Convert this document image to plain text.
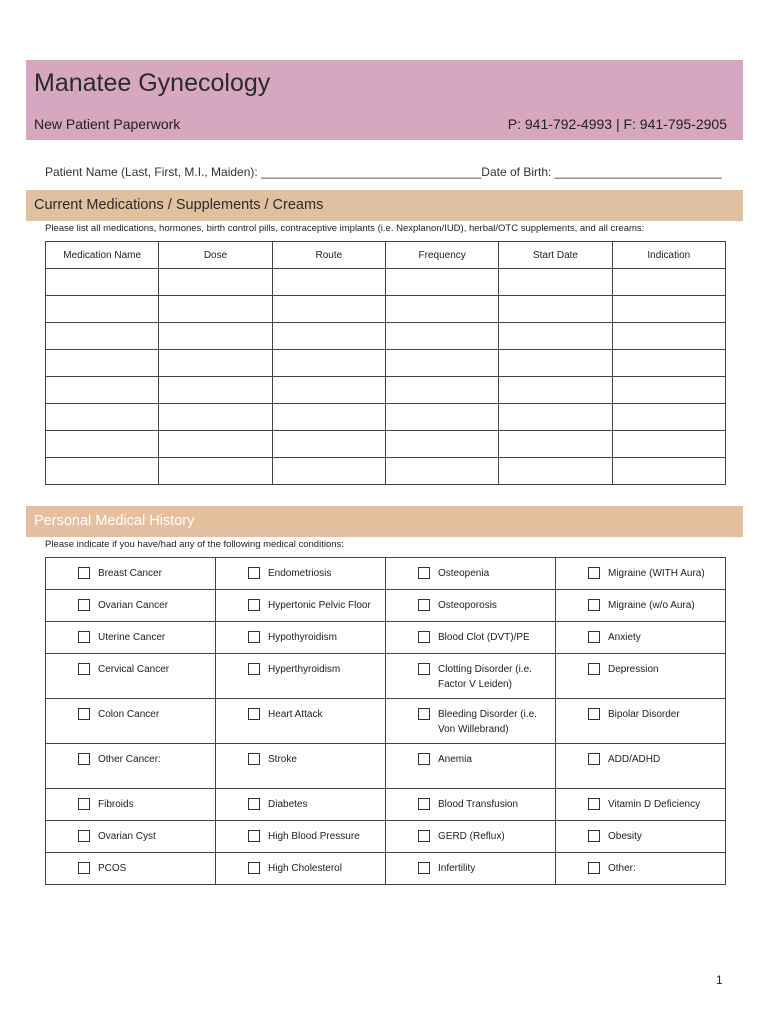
Manatee Gynecology
New Patient Paperwork	P: 941-792-4993 | F: 941-795-2905
Patient Name (Last, First, M.I., Maiden): _________________________________Date of Birth: _________________________
Current Medications / Supplements / Creams
Please list all medications, hormones, birth control pills, contraceptive implants (i.e. Nexplanon/IUD), herbal/OTC supplements, and all creams:
Medication Name	Dose	Route	Frequency	Start Date	Indication

Personal Medical History
Please indicate if you have/had any of the following medical conditions:
Breast Cancer	Endometriosis	Osteopenia	Migraine (WITH Aura)

Ovarian Cancer	Hypertonic Pelvic Floor	Osteoporosis	Migraine (w/o Aura)

Uterine Cancer	Hypothyroidism	Blood Clot (DVT)/PE	Anxiety

Cervical Cancer	Hyperthyroidism	Clotting Disorder (i.e. Factor V Leiden)	Depression

Colon Cancer	Heart Attack	Bleeding Disorder (i.e. Von Willebrand)	Bipolar Disorder

Other Cancer:	Stroke	Anemia	ADD/ADHD

Fibroids	Diabetes	Blood Transfusion	Vitamin D Deficiency

Ovarian Cyst	High Blood Pressure	GERD (Reflux)	Obesity

PCOS	High Cholesterol	Infertility	Other:
1
